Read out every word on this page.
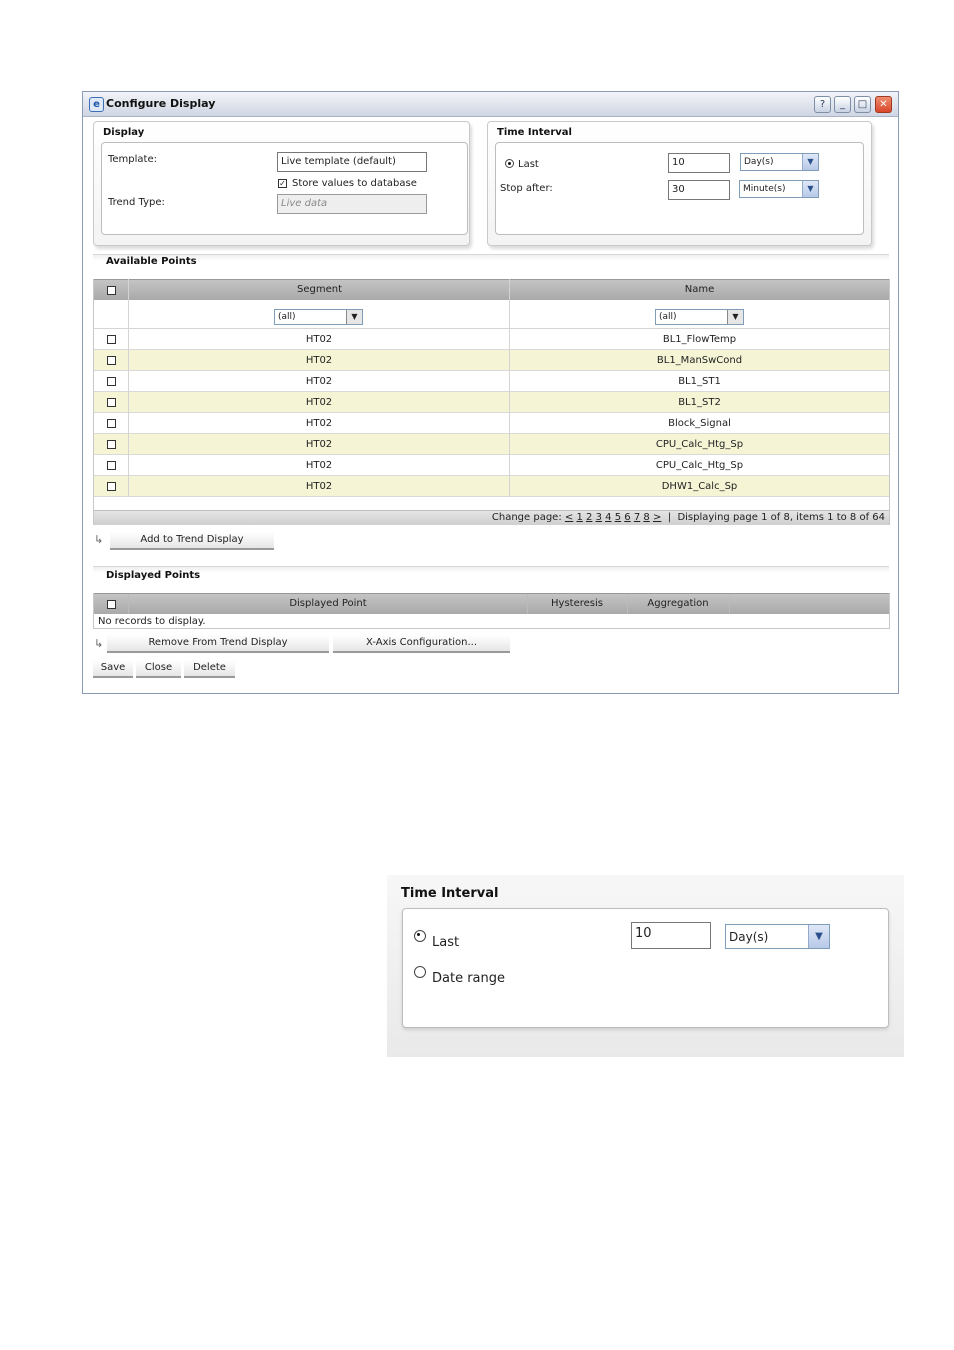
e Configure Display	?	_	□	✕
Display
Template:	Live template (default)
✓ Store values to database
Trend Type:	Live data
Time Interval
Last	10	Day(s)	▼
Stop after:	30	Minute(s)	▼
Available Points
Segment	Name
(all)	▼	(all)	▼
HT02	BL1_FlowTemp
HT02	BL1_ManSwCond
HT02	BL1_ST1
HT02	BL1_ST2
HT02	Block_Signal
HT02	CPU_Calc_Htg_Sp
HT02	CPU_Calc_Htg_Sp
HT02	DHW1_Calc_Sp
Change page: < 1 2 3 4 5 6 7 8 > | Displaying page 1 of 8, items 1 to 8 of 64
↳	Add to Trend Display
Displayed Points
Displayed Point	Hysteresis	Aggregation
No records to display.
↳	Remove From Trend Display	X-Axis Configuration...
Save	Close	Delete
Time Interval
Last
10	Day(s)	▼
Date range
